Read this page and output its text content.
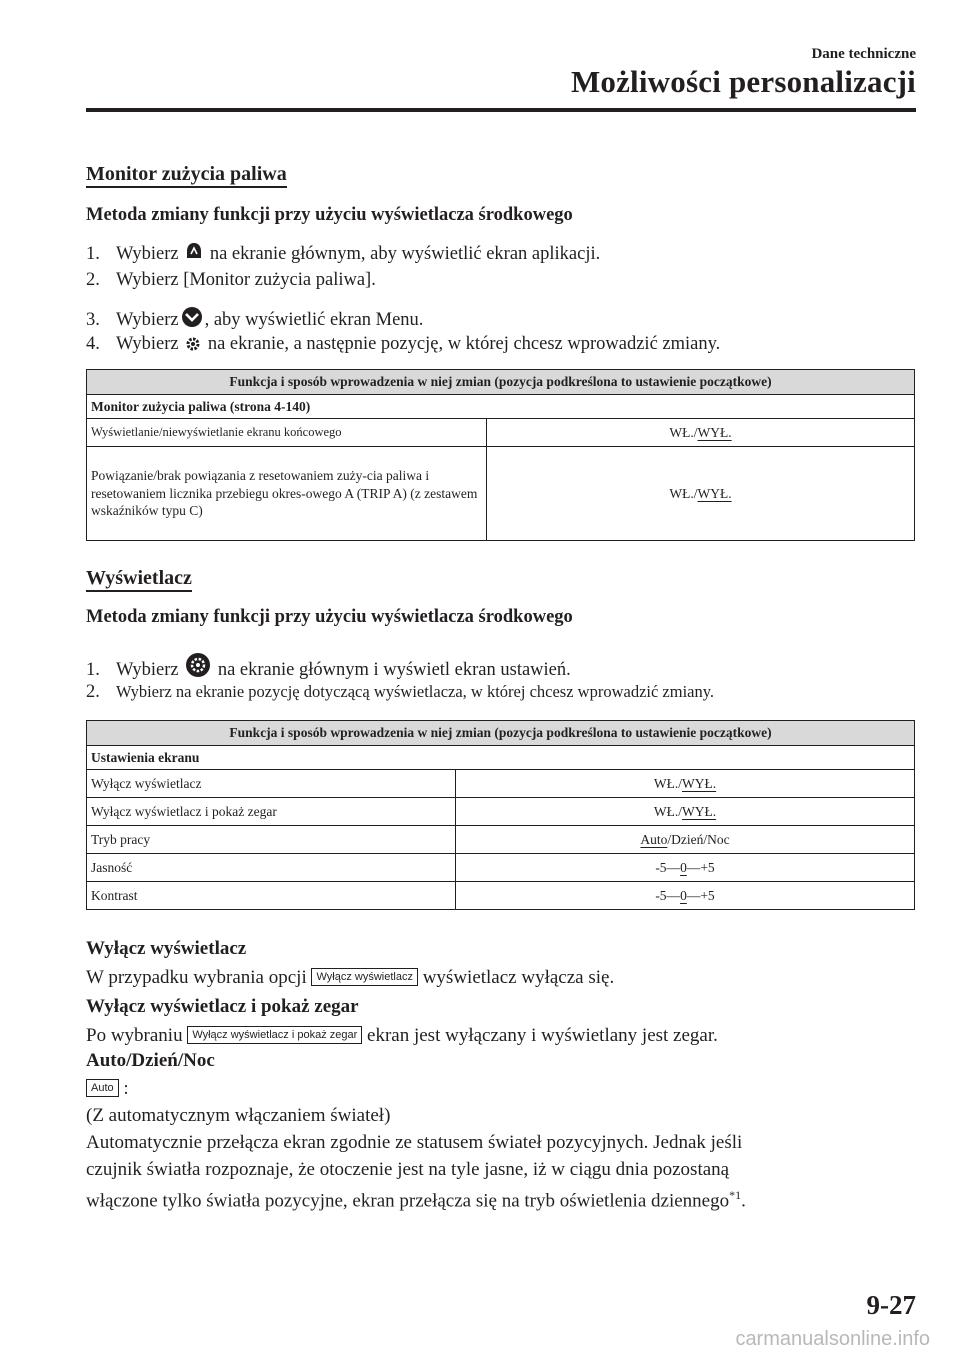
Dane techniczne
Możliwości personalizacji
Monitor zużycia paliwa
Metoda zmiany funkcji przy użyciu wyświetlacza środkowego
1. Wybierz na ekranie głównym, aby wyświetlić ekran aplikacji.
2. Wybierz [Monitor zużycia paliwa].
3. Wybierz , aby wyświetlić ekran Menu.
4. Wybierz na ekranie, a następnie pozycję, w której chcesz wprowadzić zmiany.
Funkcja i sposób wprowadzenia w niej zmian (pozycja podkreślona to ustawienie początkowe)	
Monitor zużycia paliwa (strona 4-140)	
Wyświetlanie/niewyświetlanie ekranu końcowego	WŁ./WYŁ.
Powiązanie/brak powiązania z resetowaniem zuży-cia paliwa i resetowaniem licznika przebiegu okres-owego A (TRIP A) (z zestawem wskaźników typu C)	WŁ./WYŁ.
Wyświetlacz
Metoda zmiany funkcji przy użyciu wyświetlacza środkowego
1. Wybierz na ekranie głównym i wyświetl ekran ustawień.
2. Wybierz na ekranie pozycję dotyczącą wyświetlacza, w której chcesz wprowadzić zmiany.
Funkcja i sposób wprowadzenia w niej zmian (pozycja podkreślona to ustawienie początkowe)	
Ustawienia ekranu	
Wyłącz wyświetlacz	WŁ./WYŁ.
Wyłącz wyświetlacz i pokaż zegar	WŁ./WYŁ.
Tryb pracy	Auto/Dzień/Noc
Jasność	-5—0—+5
Kontrast	-5—0—+5
Wyłącz wyświetlacz
W przypadku wybrania opcji Wyłącz wyświetlacz wyświetlacz wyłącza się.
Wyłącz wyświetlacz i pokaż zegar
Po wybraniu Wyłącz wyświetlacz i pokaż zegar ekran jest wyłączany i wyświetlany jest zegar.
Auto/Dzień/Noc
Auto :
(Z automatycznym włączaniem świateł)
Automatycznie przełącza ekran zgodnie ze statusem świateł pozycyjnych. Jednak jeśli
czujnik światła rozpoznaje, że otoczenie jest na tyle jasne, iż w ciągu dnia pozostaną
włączone tylko światła pozycyjne, ekran przełącza się na tryb oświetlenia dziennego$^{*1}$.
9-27
carmanualsonline.info
